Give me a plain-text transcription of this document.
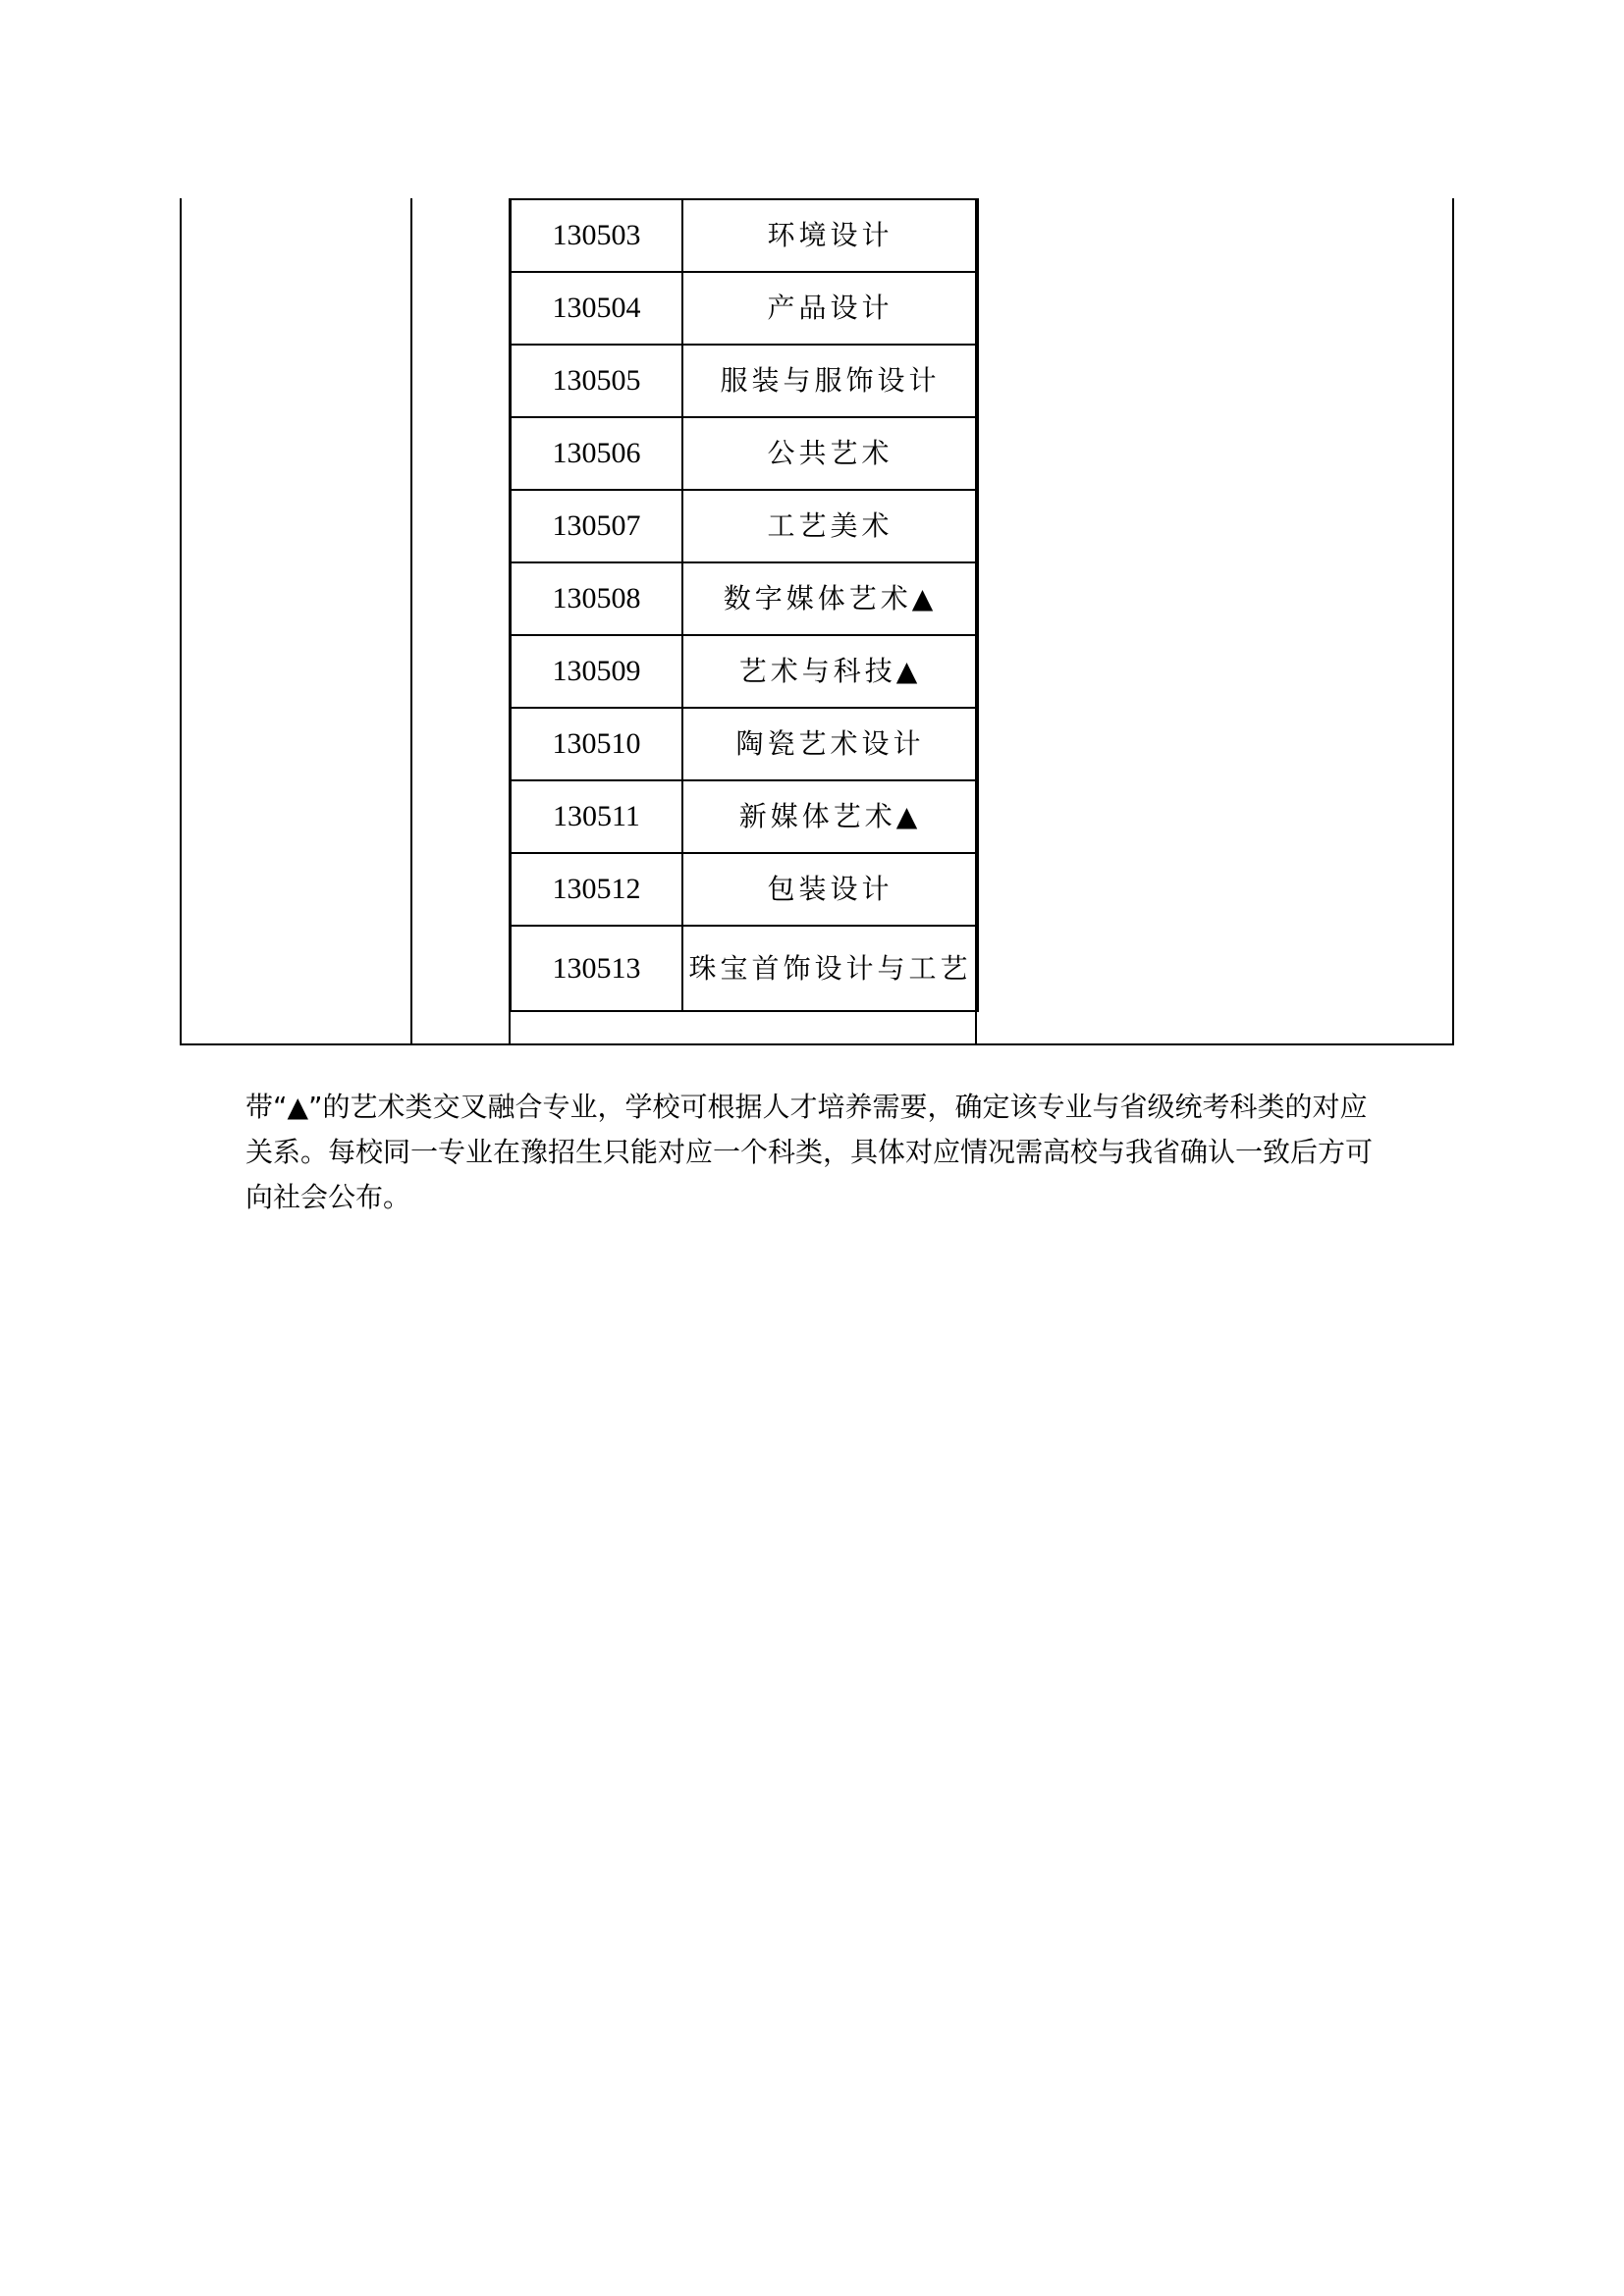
130503	环境设计
130504	产品设计
130505	服装与服饰设计
130506	公共艺术
130507	工艺美术
130508	数字媒体艺术▲
130509	艺术与科技▲
130510	陶瓷艺术设计
130511	新媒体艺术▲
130512	包装设计
130513	珠宝首饰设计与工艺

带“▲”的艺术类交叉融合专业，学校可根据人才培养需要，确定该专业与省级统考科类的对应关系。每校同一专业在豫招生只能对应一个科类，具体对应情况需高校与我省确认一致后方可向社会公布。
